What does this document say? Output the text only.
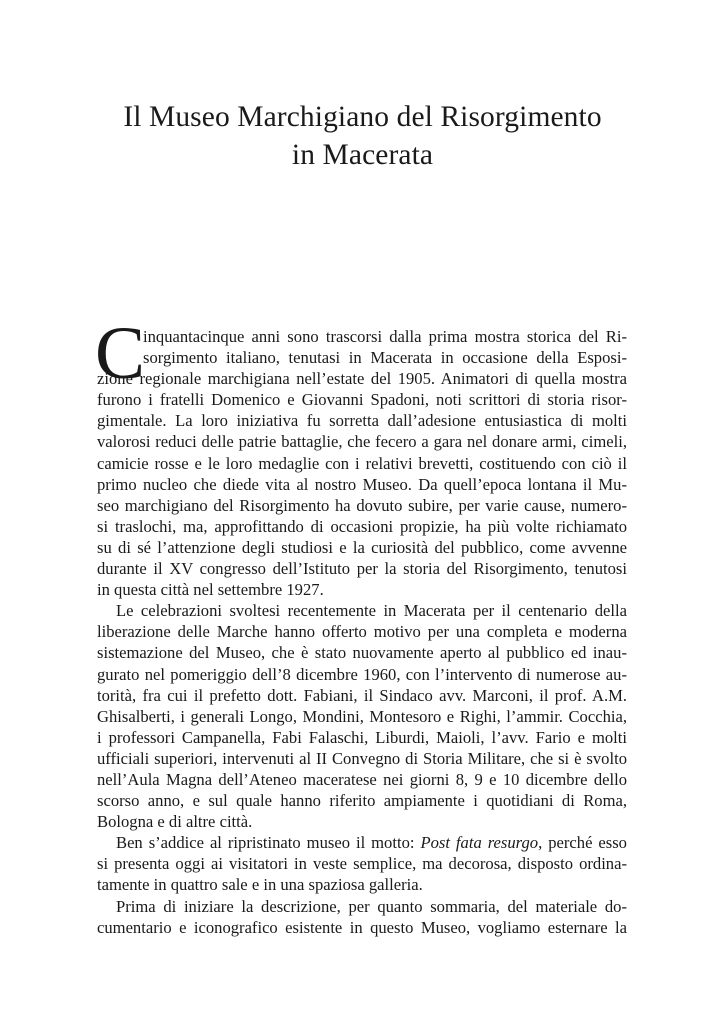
Il Museo Marchigiano del Risorgimento
in Macerata
C
inquantacinque anni sono trascorsi dalla prima mostra storica del Ri-
sorgimento italiano, tenutasi in Macerata in occasione della Esposi-
zione regionale marchigiana nell’estate del 1905. Animatori di quella mostra
furono i fratelli Domenico e Giovanni Spadoni, noti scrittori di storia risor-
gimentale. La loro iniziativa fu sorretta dall’adesione entusiastica di molti
valorosi reduci delle patrie battaglie, che fecero a gara nel donare armi, cimeli,
camicie rosse e le loro medaglie con i relativi brevetti, costituendo con ciò il
primo nucleo che diede vita al nostro Museo. Da quell’epoca lontana il Mu-
seo marchigiano del Risorgimento ha dovuto subire, per varie cause, numero-
si traslochi, ma, approfittando di occasioni propizie, ha più volte richiamato
su di sé l’attenzione degli studiosi e la curiosità del pubblico, come avvenne
durante il XV congresso dell’Istituto per la storia del Risorgimento, tenutosi
in questa città nel settembre 1927.
Le celebrazioni svoltesi recentemente in Macerata per il centenario della
liberazione delle Marche hanno offerto motivo per una completa e moderna
sistemazione del Museo, che è stato nuovamente aperto al pubblico ed inau-
gurato nel pomeriggio dell’8 dicembre 1960, con l’intervento di numerose au-
torità, fra cui il prefetto dott. Fabiani, il Sindaco avv. Marconi, il prof. A.M.
Ghisalberti, i generali Longo, Mondini, Montesoro e Righi, l’ammir. Cocchia,
i professori Campanella, Fabi Falaschi, Liburdi, Maioli, l’avv. Fario e molti
ufficiali superiori, intervenuti al II Convegno di Storia Militare, che si è svolto
nell’Aula Magna dell’Ateneo maceratese nei giorni 8, 9 e 10 dicembre dello
scorso anno, e sul quale hanno riferito ampiamente i quotidiani di Roma,
Bologna e di altre città.
Ben s’addice al ripristinato museo il motto: Post fata resurgo, perché esso
si presenta oggi ai visitatori in veste semplice, ma decorosa, disposto ordina-
tamente in quattro sale e in una spaziosa galleria.
Prima di iniziare la descrizione, per quanto sommaria, del materiale do-
cumentario e iconografico esistente in questo Museo, vogliamo esternare la
